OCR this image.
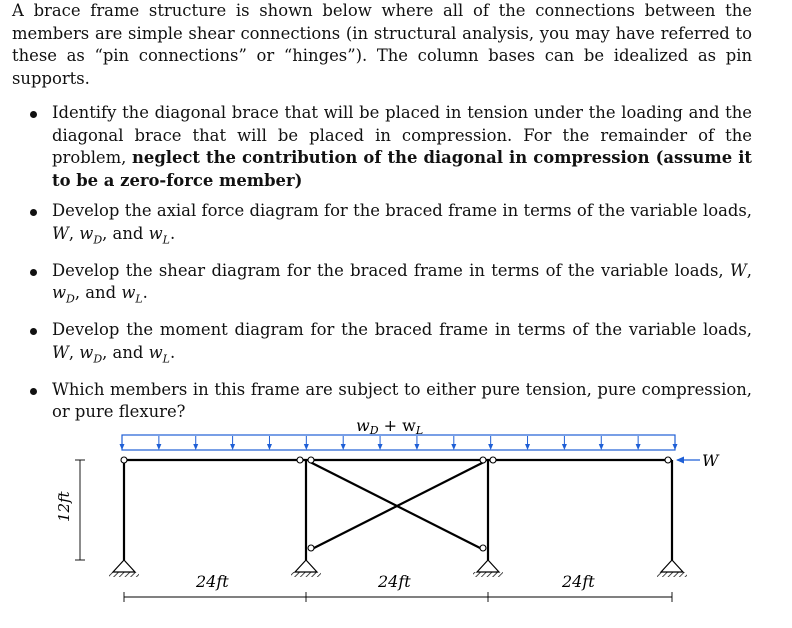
A brace frame structure is shown below where all of the connections between the members are simple shear connections (in structural analysis, you may have referred to these as “pin connections” or “hinges”). The column bases can be idealized as pin supports.
Identify the diagonal brace that will be placed in tension under the loading and the diagonal brace that will be placed in compression. For the remainder of the problem, neglect the contribution of the diagonal in compression (assume it to be a zero-force member)
Develop the axial force diagram for the braced frame in terms of the variable loads, W, $w_D$, and $w_L$.
Develop the shear diagram for the braced frame in terms of the variable loads, W, $w_D$, and $w_L$.
Develop the moment diagram for the braced frame in terms of the variable loads, W, $w_D$, and $w_L$.
Which members in this frame are subject to either pure tension, pure compression, or pure flexure?
wD + wL
W
12ft
24ft	24ft	24ft
